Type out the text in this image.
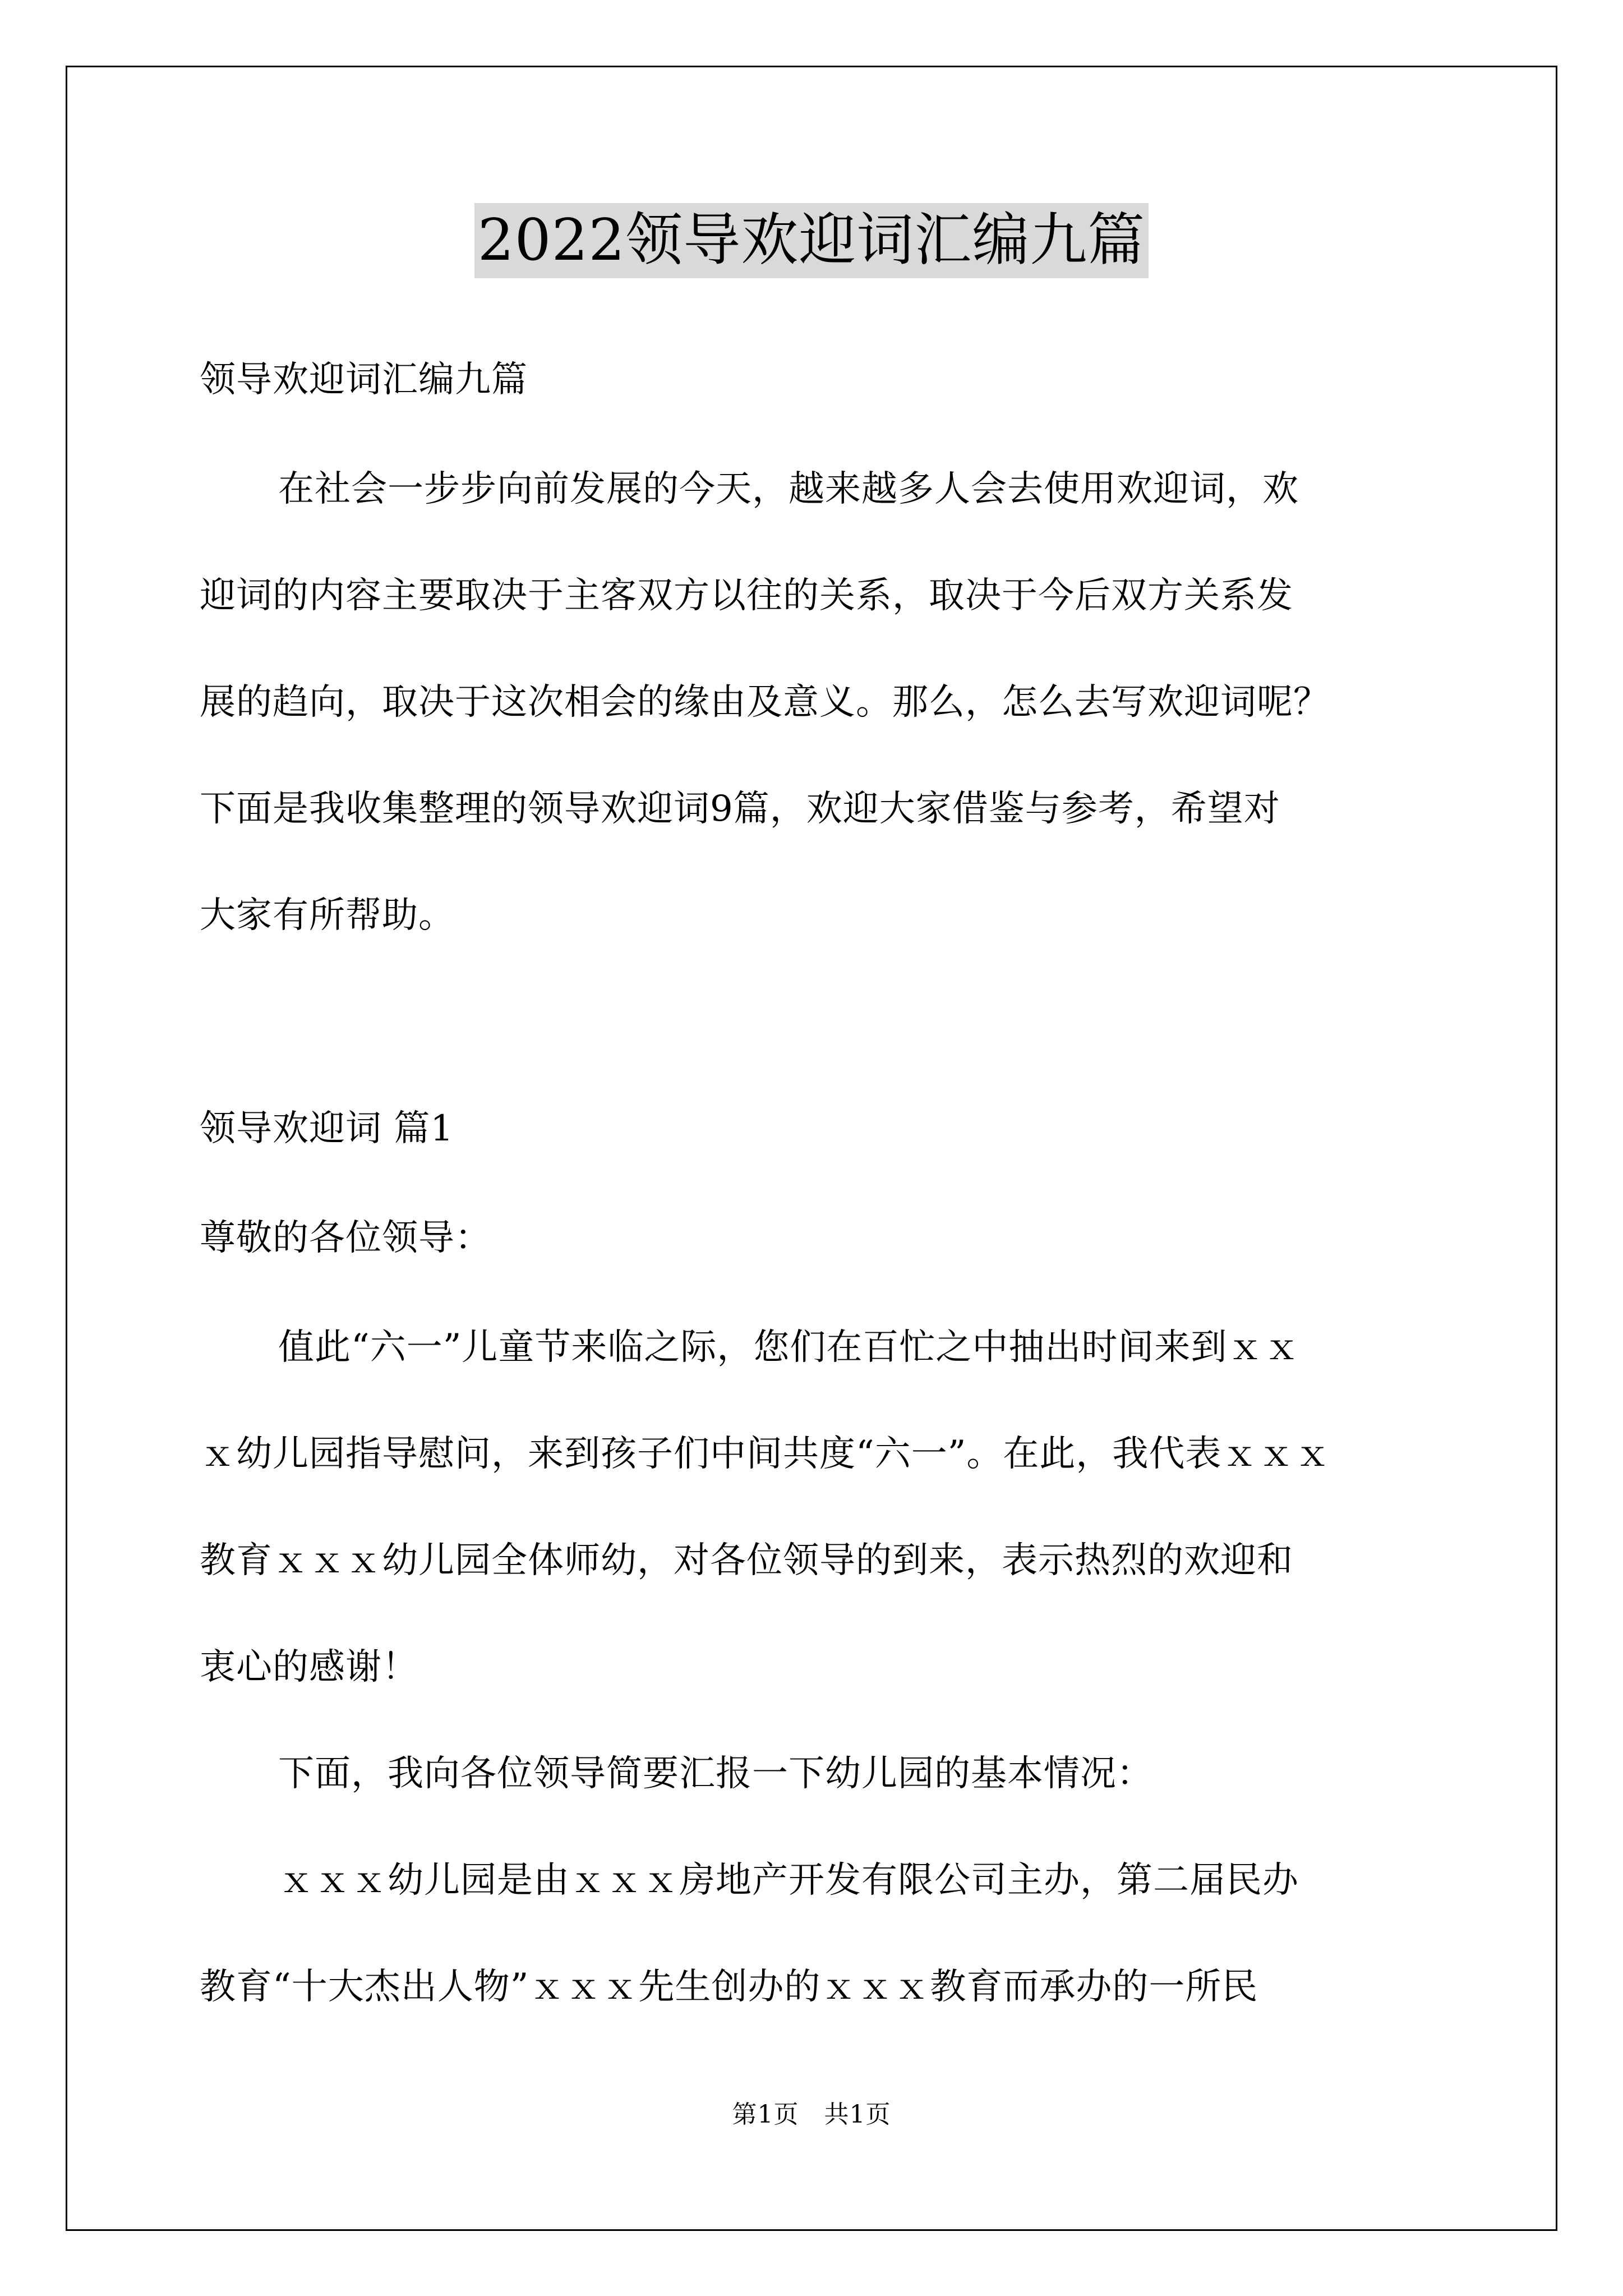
2022领导欢迎词汇编九篇
领导欢迎词汇编九篇
在社会一步步向前发展的今天，越来越多人会去使用欢迎词，欢
迎词的内容主要取决于主客双方以往的关系，取决于今后双方关系发
展的趋向，取决于这次相会的缘由及意义。那么，怎么去写欢迎词呢？
下面是我收集整理的领导欢迎词9篇，欢迎大家借鉴与参考，希望对
大家有所帮助。
领导欢迎词 篇1
尊敬的各位领导：
值此“六一”儿童节来临之际，您们在百忙之中抽出时间来到ｘｘ
ｘ幼儿园指导慰问，来到孩子们中间共度“六一”。在此，我代表ｘｘｘ
教育ｘｘｘ幼儿园全体师幼，对各位领导的到来，表示热烈的欢迎和
衷心的感谢！
下面，我向各位领导简要汇报一下幼儿园的基本情况：
ｘｘｘ幼儿园是由ｘｘｘ房地产开发有限公司主办，第二届民办
教育“十大杰出人物”ｘｘｘ先生创办的ｘｘｘ教育而承办的一所民
第1页　共1页
